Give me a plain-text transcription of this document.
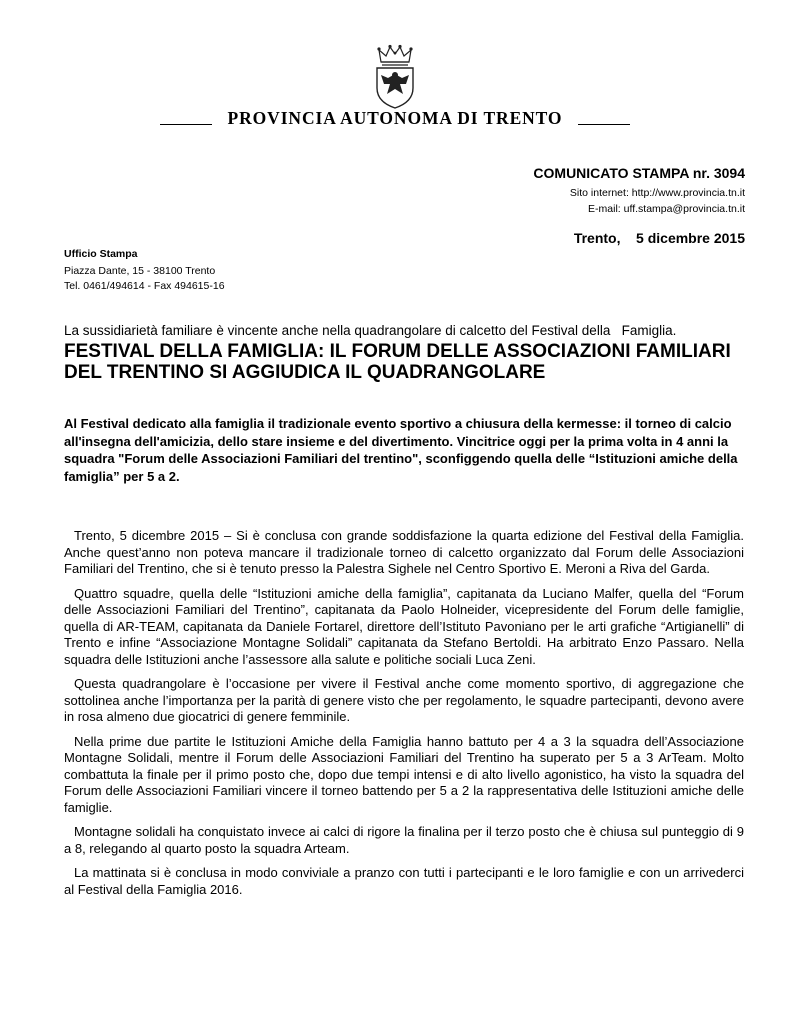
PROVINCIA AUTONOMA DI TRENTO
COMUNICATO STAMPA nr. 3094
Sito internet: http://www.provincia.tn.it
E-mail: uff.stampa@provincia.tn.it
Trento,    5 dicembre 2015
Ufficio Stampa
Piazza Dante, 15 - 38100 Trento
Tel. 0461/494614 - Fax 494615-16
La sussidiarietà familiare è vincente anche nella quadrangolare di calcetto del Festival della   Famiglia.
FESTIVAL DELLA FAMIGLIA: IL FORUM DELLE ASSOCIAZIONI FAMILIARI DEL TRENTINO SI AGGIUDICA IL QUADRANGOLARE

Al Festival dedicato alla famiglia il tradizionale evento sportivo a chiusura della kermesse: il torneo di calcio all'insegna dell'amicizia, dello stare insieme e del divertimento. Vincitrice oggi per la prima volta in 4 anni la squadra "Forum delle Associazioni Familiari del trentino", sconfiggendo quella delle “Istituzioni amiche della famiglia” per 5 a 2.

Trento, 5 dicembre 2015 – Si è conclusa con grande soddisfazione la quarta edizione del Festival della Famiglia. Anche quest’anno non poteva mancare il tradizionale torneo di calcetto organizzato dal Forum delle Associazioni Familiari del Trentino, che si è tenuto presso la Palestra Sighele nel Centro Sportivo E. Meroni a Riva del Garda.

Quattro squadre, quella delle “Istituzioni amiche della famiglia”, capitanata da Luciano Malfer, quella del “Forum delle Associazioni Familiari del Trentino”, capitanata da Paolo Holneider, vicepresidente del Forum delle famiglie, quella di AR-TEAM, capitanata da Daniele Fortarel, direttore dell’Istituto Pavoniano per le arti grafiche “Artigianelli” di Trento e infine “Associazione Montagne Solidali” capitanata da Stefano Bertoldi. Ha arbitrato Enzo Passaro. Nella squadra delle Istituzioni anche l’assessore alla salute e politiche sociali Luca Zeni.

Questa quadrangolare è l’occasione per vivere il Festival anche come momento sportivo, di aggregazione che sottolinea anche l’importanza per la parità di genere visto che per regolamento, le squadre partecipanti, devono avere in rosa almeno due giocatrici di genere femminile.

Nella prime due partite le Istituzioni Amiche della Famiglia hanno battuto per 4 a 3 la squadra dell’Associazione Montagne Solidali, mentre il Forum delle Associazioni Familiari del Trentino ha superato per 5 a 3 ArTeam. Molto combattuta la finale per il primo posto che, dopo due tempi intensi e di alto livello agonistico, ha visto la squadra del Forum delle Associazioni Familiari vincere il torneo battendo per 5 a 2 la rappresentativa delle Istituzioni amiche delle famiglie.

Montagne solidali ha conquistato invece ai calci di rigore la finalina per il terzo posto che è chiusa sul punteggio di 9 a 8, relegando al quarto posto la squadra Arteam.

La mattinata si è conclusa in modo conviviale a pranzo con tutti i partecipanti e le loro famiglie e con un arrivederci al Festival della Famiglia 2016.
